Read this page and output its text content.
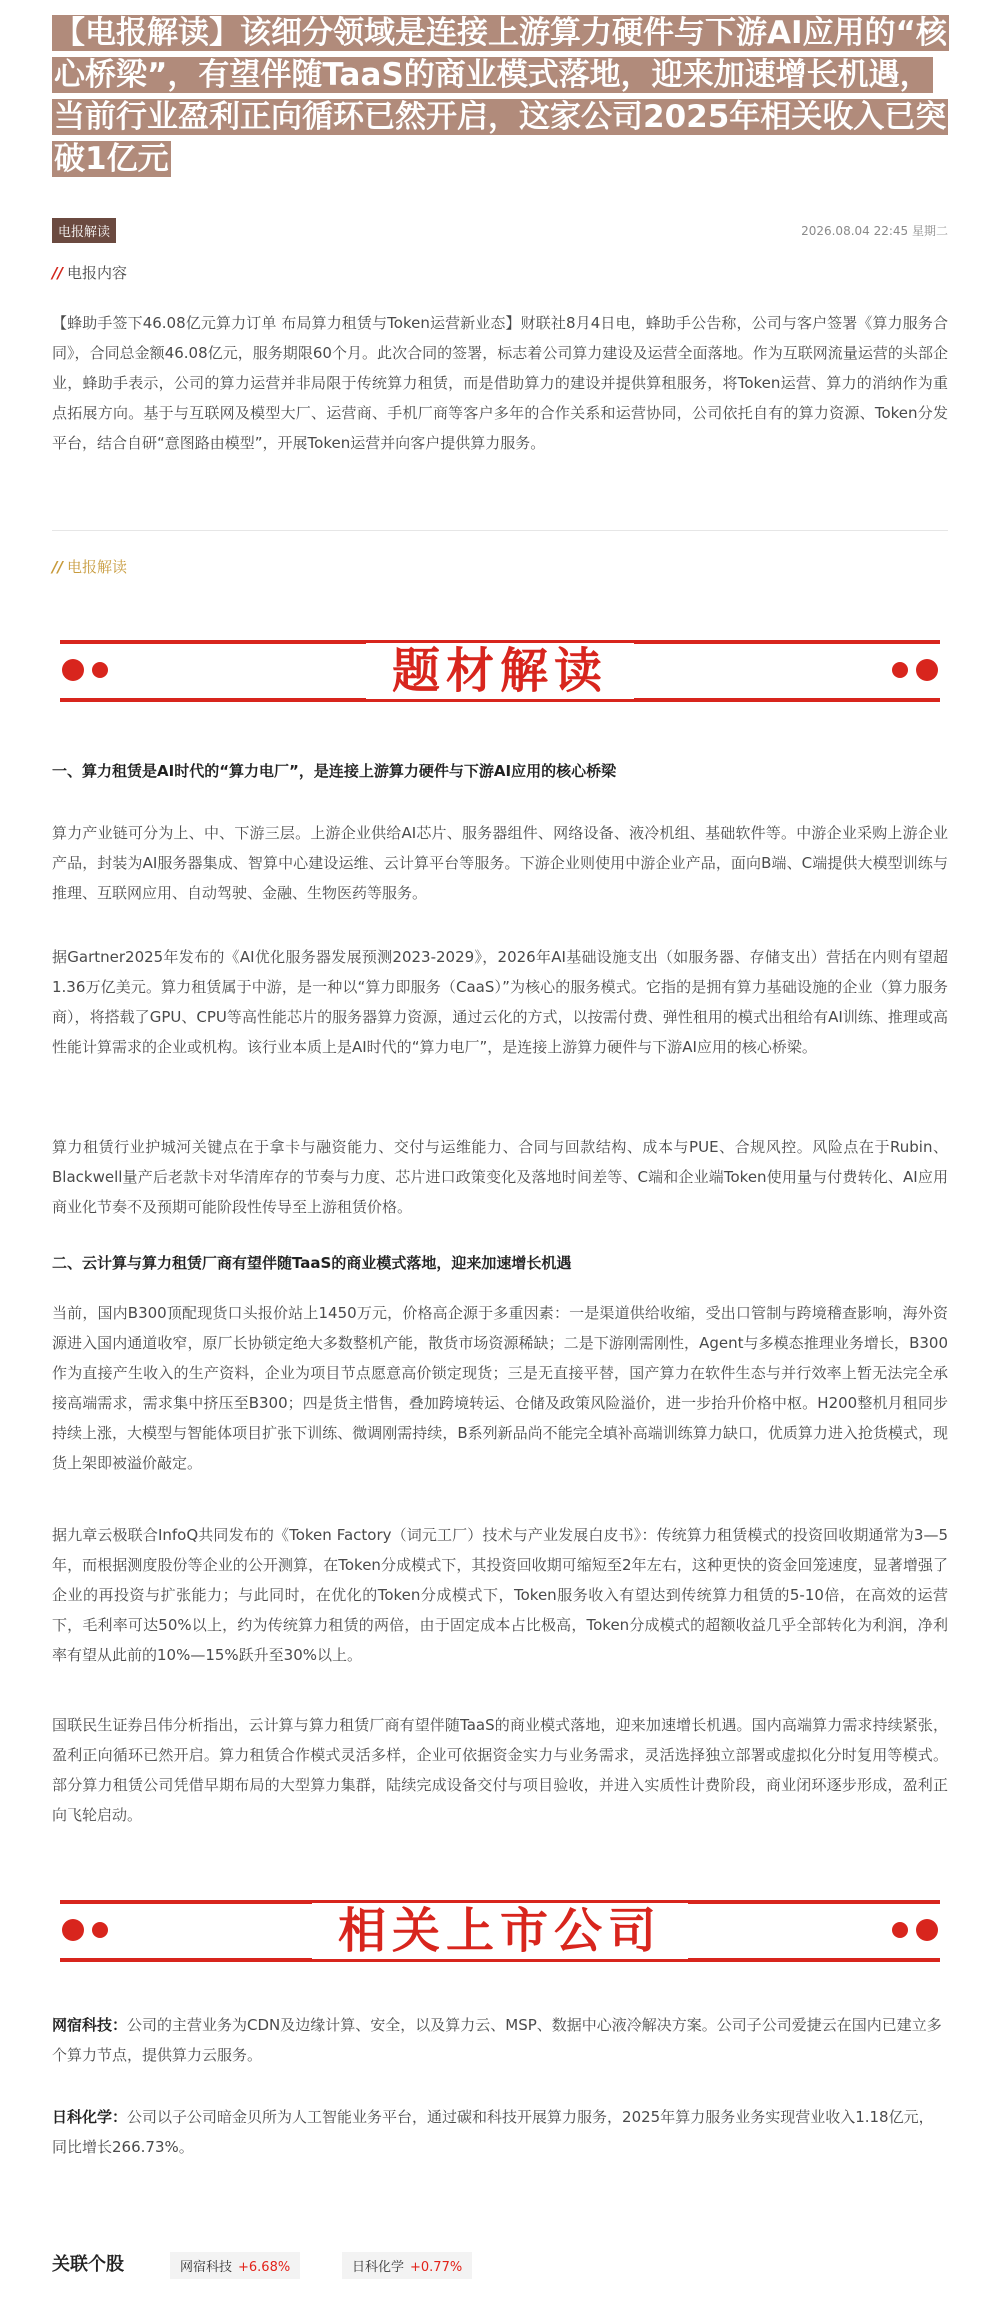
【电报解读】该细分领域是连接上游算力硬件与下游AI应用的“核心桥梁”，有望伴随TaaS的商业模式落地，迎来加速增长机遇，当前行业盈利正向循环已然开启，这家公司2025年相关收入已突破1亿元
电报解读	2026.08.04 22:45 星期二
// 电报内容

【蜂助手签下46.08亿元算力订单 布局算力租赁与Token运营新业态】财联社8月4日电，蜂助手公告称，公司与客户签署《算力服务合同》，合同总金额46.08亿元，服务期限60个月。此次合同的签署，标志着公司算力建设及运营全面落地。作为互联网流量运营的头部企业，蜂助手表示，公司的算力运营并非局限于传统算力租赁，而是借助算力的建设并提供算租服务，将Token运营、算力的消纳作为重点拓展方向。基于与互联网及模型大厂、运营商、手机厂商等客户多年的合作关系和运营协同，公司依托自有的算力资源、Token分发平台，结合自研“意图路由模型”，开展Token运营并向客户提供算力服务。

// 电报解读
题材解读

一、算力租赁是AI时代的“算力电厂”，是连接上游算力硬件与下游AI应用的核心桥梁

算力产业链可分为上、中、下游三层。上游企业供给AI芯片、服务器组件、网络设备、液冷机组、基础软件等。中游企业采购上游企业产品，封装为AI服务器集成、智算中心建设运维、云计算平台等服务。下游企业则使用中游企业产品，面向B端、C端提供大模型训练与推理、互联网应用、自动驾驶、金融、生物医药等服务。

据Gartner2025年发布的《AI优化服务器发展预测2023-2029》，2026年AI基础设施支出（如服务器、存储支出）营括在内则有望超1.36万亿美元。算力租赁属于中游，是一种以“算力即服务（CaaS）”为核心的服务模式。它指的是拥有算力基础设施的企业（算力服务商），将搭载了GPU、CPU等高性能芯片的服务器算力资源，通过云化的方式，以按需付费、弹性租用的模式出租给有AI训练、推理或高性能计算需求的企业或机构。该行业本质上是AI时代的“算力电厂”，是连接上游算力硬件与下游AI应用的核心桥梁。

算力租赁行业护城河关键点在于拿卡与融资能力、交付与运维能力、合同与回款结构、成本与PUE、合规风控。风险点在于Rubin、Blackwell量产后老款卡对华清库存的节奏与力度、芯片进口政策变化及落地时间差等、C端和企业端Token使用量与付费转化、AI应用商业化节奏不及预期可能阶段性传导至上游租赁价格。

二、云计算与算力租赁厂商有望伴随TaaS的商业模式落地，迎来加速增长机遇

当前，国内B300顶配现货口头报价站上1450万元，价格高企源于多重因素：一是渠道供给收缩，受出口管制与跨境稽查影响，海外资源进入国内通道收窄，原厂长协锁定绝大多数整机产能，散货市场资源稀缺；二是下游刚需刚性，Agent与多模态推理业务增长，B300作为直接产生收入的生产资料，企业为项目节点愿意高价锁定现货；三是无直接平替，国产算力在软件生态与并行效率上暂无法完全承接高端需求，需求集中挤压至B300；四是货主惜售，叠加跨境转运、仓储及政策风险溢价，进一步抬升价格中枢。H200整机月租同步持续上涨，大模型与智能体项目扩张下训练、微调刚需持续，B系列新品尚不能完全填补高端训练算力缺口，优质算力进入抢货模式，现货上架即被溢价敲定。

据九章云极联合InfoQ共同发布的《Token Factory（词元工厂）技术与产业发展白皮书》：传统算力租赁模式的投资回收期通常为3—5年，而根据测度股份等企业的公开测算，在Token分成模式下，其投资回收期可缩短至2年左右，这种更快的资金回笼速度，显著增强了企业的再投资与扩张能力；与此同时，在优化的Token分成模式下，Token服务收入有望达到传统算力租赁的5-10倍，在高效的运营下，毛利率可达50%以上，约为传统算力租赁的两倍，由于固定成本占比极高，Token分成模式的超额收益几乎全部转化为利润，净利率有望从此前的10%—15%跃升至30%以上。

国联民生证券吕伟分析指出，云计算与算力租赁厂商有望伴随TaaS的商业模式落地，迎来加速增长机遇。国内高端算力需求持续紧张，盈利正向循环已然开启。算力租赁合作模式灵活多样，企业可依据资金实力与业务需求，灵活选择独立部署或虚拟化分时复用等模式。部分算力租赁公司凭借早期布局的大型算力集群，陆续完成设备交付与项目验收，并进入实质性计费阶段，商业闭环逐步形成，盈利正向飞轮启动。

相关上市公司

网宿科技：公司的主营业务为CDN及边缘计算、安全，以及算力云、MSP、数据中心液冷解决方案。公司子公司爱捷云在国内已建立多个算力节点，提供算力云服务。

日科化学：公司以子公司暗金贝所为人工智能业务平台，通过碳和科技开展算力服务，2025年算力服务业务实现营业收入1.18亿元，同比增长266.73%。

关联个股	网宿科技 +6.68%	日科化学 +0.77%
